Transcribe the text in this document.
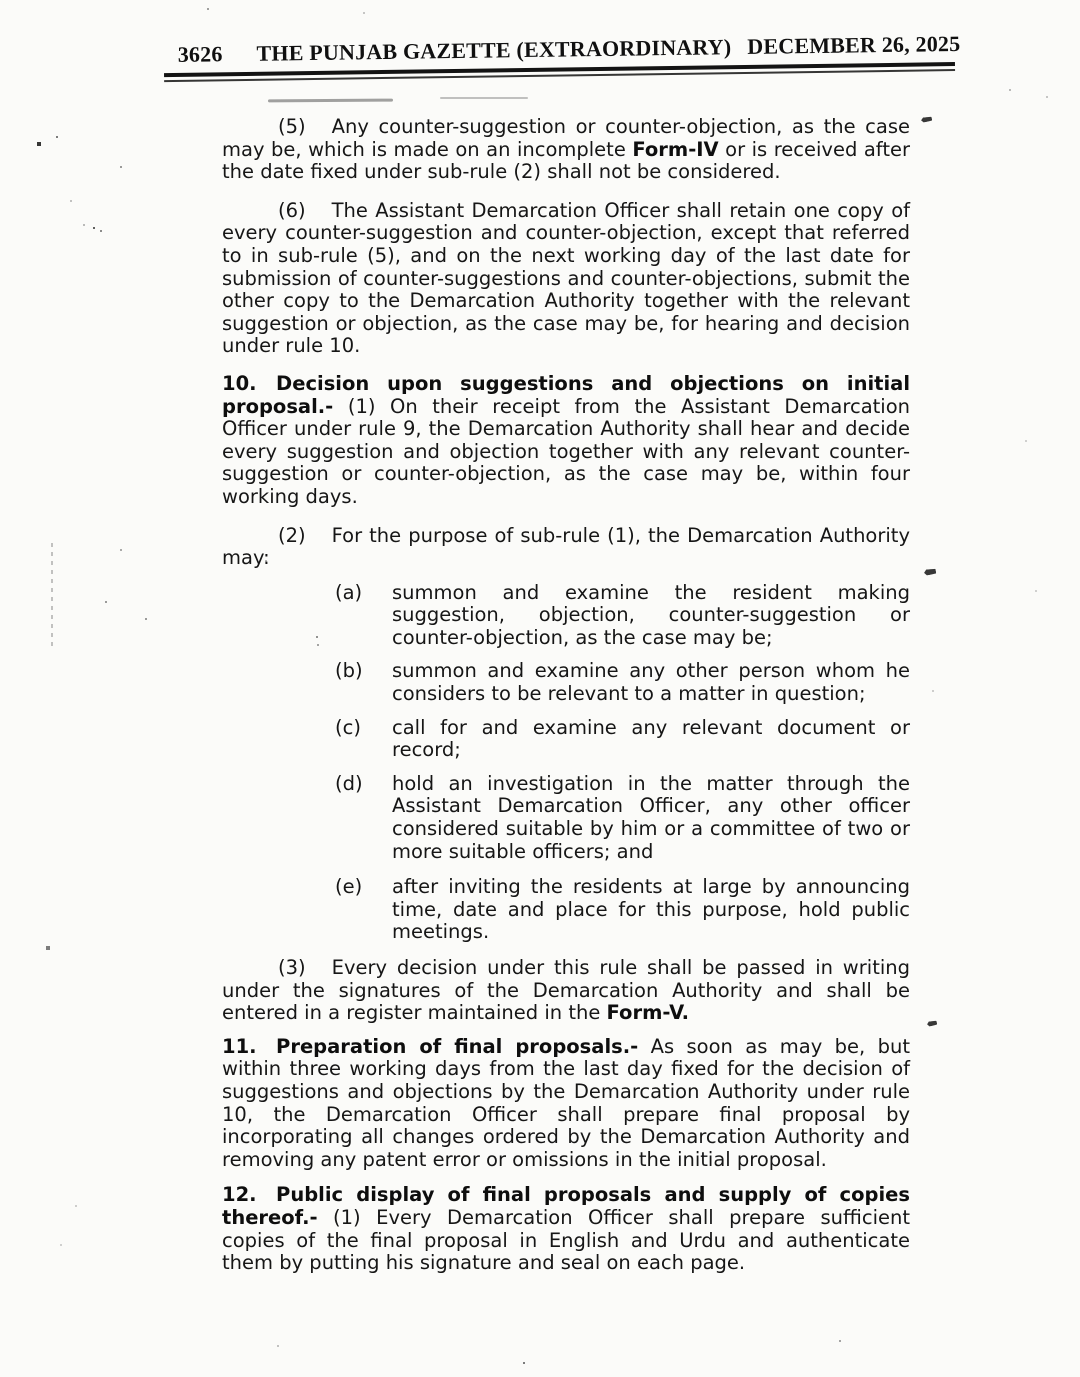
3626 THE PUNJAB GAZETTE (EXTRAORDINARY) DECEMBER 26, 2025

(5) Any counter-suggestion or counter-objection, as the case may be, which is made on an incomplete Form-IV or is received after the date fixed under sub-rule (2) shall not be considered.

(6) The Assistant Demarcation Officer shall retain one copy of every counter-suggestion and counter-objection, except that referred to in sub-rule (5), and on the next working day of the last date for submission of counter-suggestions and counter-objections, submit the other copy to the Demarcation Authority together with the relevant suggestion or objection, as the case may be, for hearing and decision under rule 10.

10. Decision upon suggestions and objections on initial proposal.- (1) On their receipt from the Assistant Demarcation Officer under rule 9, the Demarcation Authority shall hear and decide every suggestion and objection together with any relevant counter-suggestion or counter-objection, as the case may be, within four working days.

(2) For the purpose of sub-rule (1), the Demarcation Authority may:

(a)	summon and examine the resident making suggestion, objection, counter-suggestion or counter-objection, as the case may be;
(b)	summon and examine any other person whom he considers to be relevant to a matter in question;
(c)	call for and examine any relevant document or record;
(d)	hold an investigation in the matter through the Assistant Demarcation Officer, any other officer considered suitable by him or a committee of two or more suitable officers; and
(e)	after inviting the residents at large by announcing time, date and place for this purpose, hold public meetings.

(3) Every decision under this rule shall be passed in writing under the signatures of the Demarcation Authority and shall be entered in a register maintained in the Form-V.

11. Preparation of final proposals.- As soon as may be, but within three working days from the last day fixed for the decision of suggestions and objections by the Demarcation Authority under rule 10, the Demarcation Officer shall prepare final proposal by incorporating all changes ordered by the Demarcation Authority and removing any patent error or omissions in the initial proposal.

12. Public display of final proposals and supply of copies thereof.- (1) Every Demarcation Officer shall prepare sufficient copies of the final proposal in English and Urdu and authenticate them by putting his signature and seal on each page.
